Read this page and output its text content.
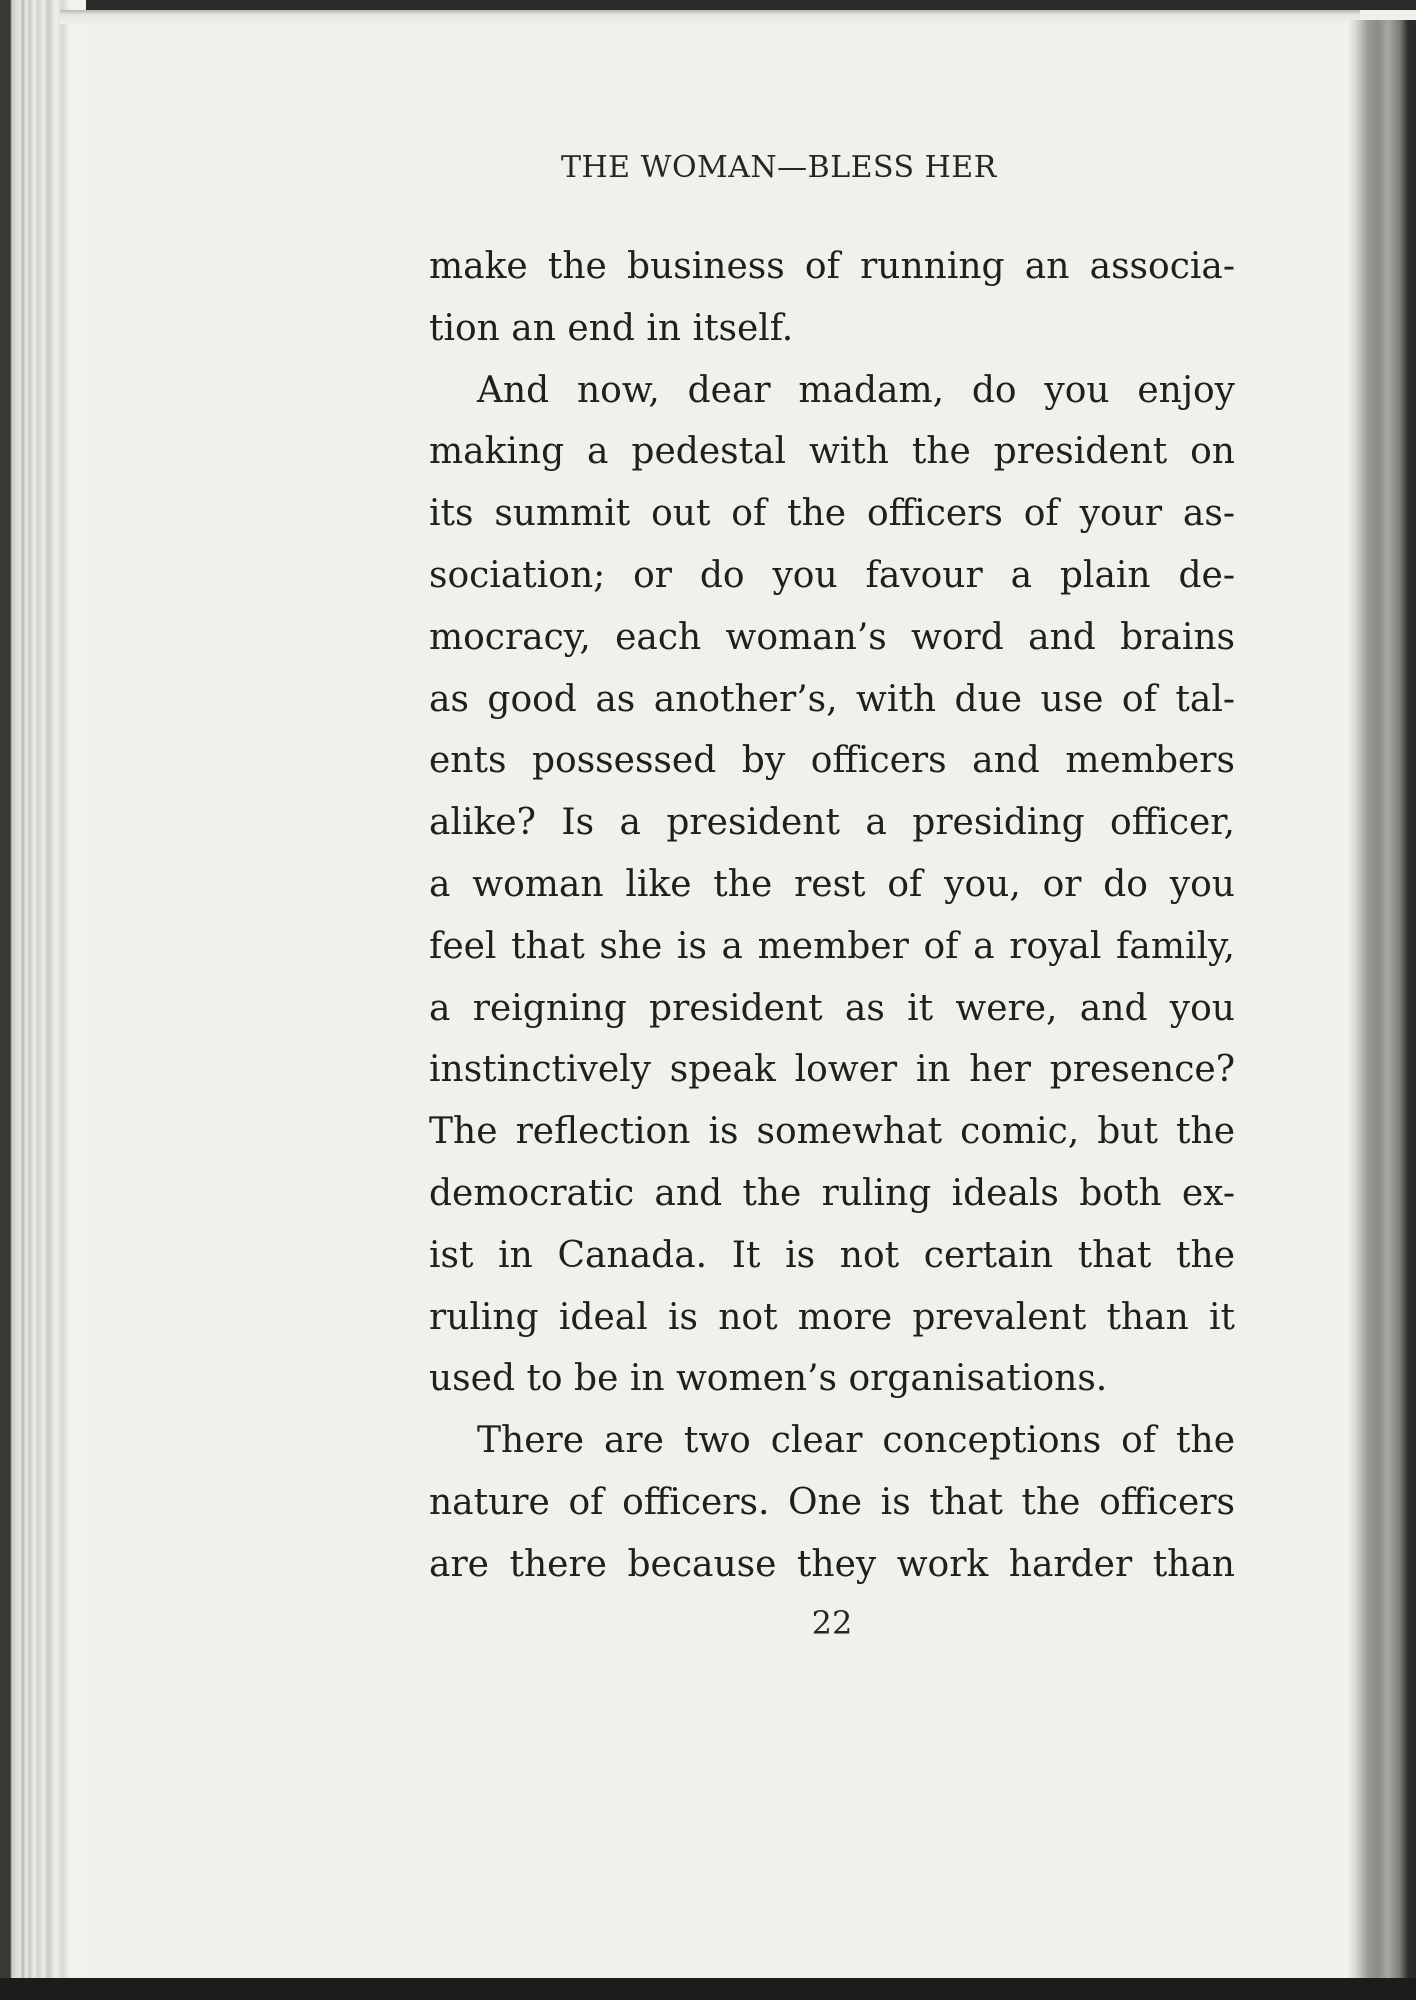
THE WOMAN—BLESS HER
make the business of running an associa-
tion an end in itself.
And now, dear madam, do you enjoy
making a pedestal with the president on
its summit out of the officers of your as-
sociation; or do you favour a plain de-
mocracy, each woman’s word and brains
as good as another’s, with due use of tal-
ents possessed by officers and members
alike? Is a president a presiding officer,
a woman like the rest of you, or do you
feel that she is a member of a royal family,
a reigning president as it were, and you
instinctively speak lower in her presence?
The reflection is somewhat comic, but the
democratic and the ruling ideals both ex-
ist in Canada. It is not certain that the
ruling ideal is not more prevalent than it
used to be in women’s organisations.
There are two clear conceptions of the
nature of officers. One is that the officers
are there because they work harder than
22
